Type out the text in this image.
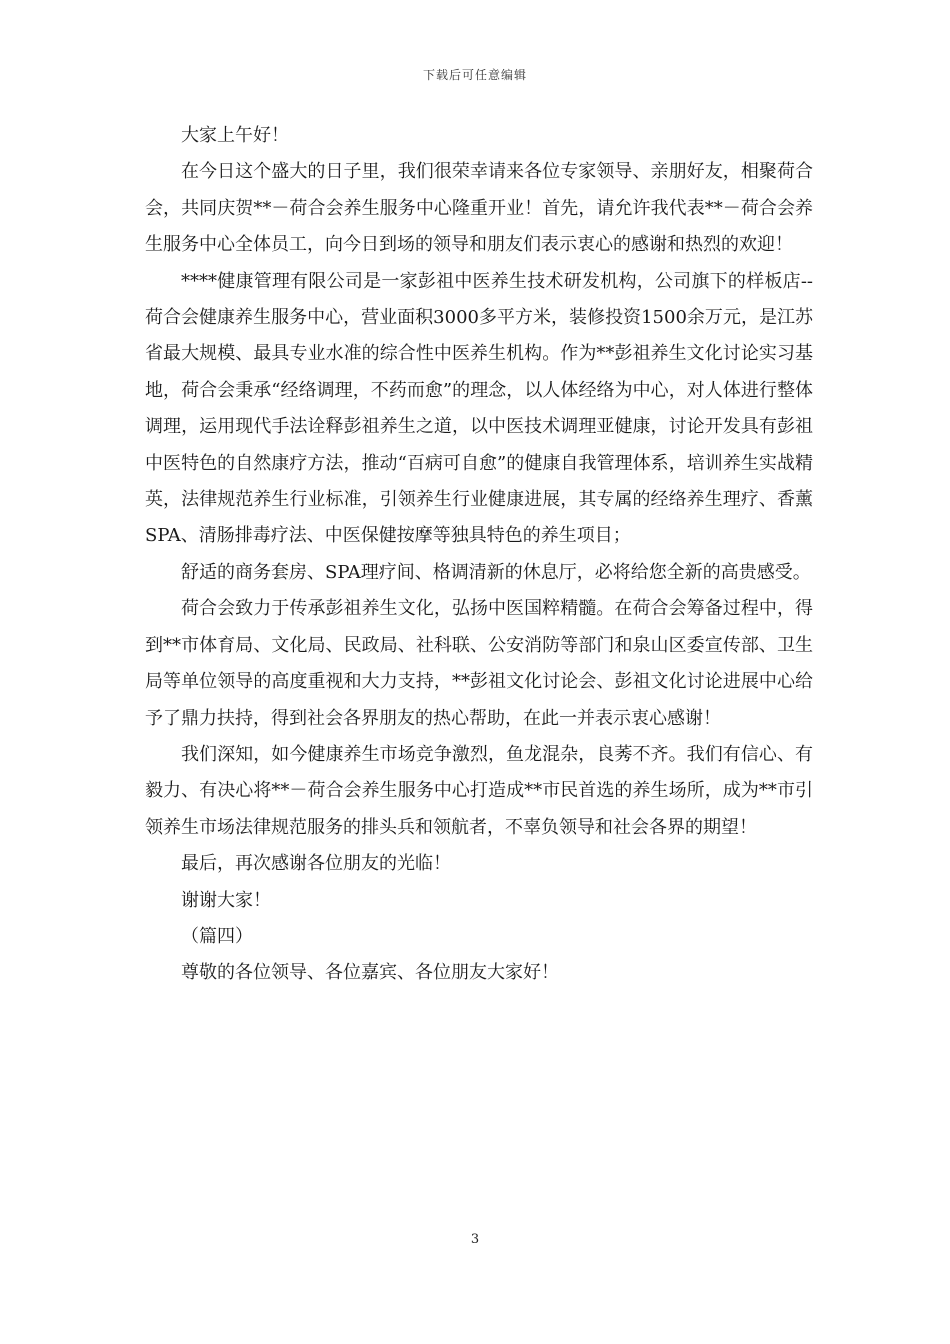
下载后可任意编辑

大家上午好！

在今日这个盛大的日子里，我们很荣幸请来各位专家领导、亲朋好友，相聚荷合会，共同庆贺**－荷合会养生服务中心隆重开业！首先，请允许我代表**－荷合会养生服务中心全体员工，向今日到场的领导和朋友们表示衷心的感谢和热烈的欢迎！

****健康管理有限公司是一家彭祖中医养生技术研发机构，公司旗下的样板店--荷合会健康养生服务中心，营业面积3000多平方米，装修投资1500余万元，是江苏省最大规模、最具专业水准的综合性中医养生机构。作为**彭祖养生文化讨论实习基地，荷合会秉承“经络调理，不药而愈”的理念，以人体经络为中心，对人体进行整体调理，运用现代手法诠释彭祖养生之道，以中医技术调理亚健康，讨论开发具有彭祖中医特色的自然康疗方法，推动“百病可自愈”的健康自我管理体系，培训养生实战精英，法律规范养生行业标准，引领养生行业健康进展，其专属的经络养生理疗、香薰SPA、清肠排毒疗法、中医保健按摩等独具特色的养生项目；

舒适的商务套房、SPA理疗间、格调清新的休息厅，必将给您全新的高贵感受。

荷合会致力于传承彭祖养生文化，弘扬中医国粹精髓。在荷合会筹备过程中，得到**市体育局、文化局、民政局、社科联、公安消防等部门和泉山区委宣传部、卫生局等单位领导的高度重视和大力支持，**彭祖文化讨论会、彭祖文化讨论进展中心给予了鼎力扶持，得到社会各界朋友的热心帮助，在此一并表示衷心感谢！

我们深知，如今健康养生市场竞争激烈，鱼龙混杂，良莠不齐。我们有信心、有毅力、有决心将**－荷合会养生服务中心打造成**市民首选的养生场所，成为**市引领养生市场法律规范服务的排头兵和领航者，不辜负领导和社会各界的期望！

最后，再次感谢各位朋友的光临！

谢谢大家！

（篇四）

尊敬的各位领导、各位嘉宾、各位朋友大家好！

3
